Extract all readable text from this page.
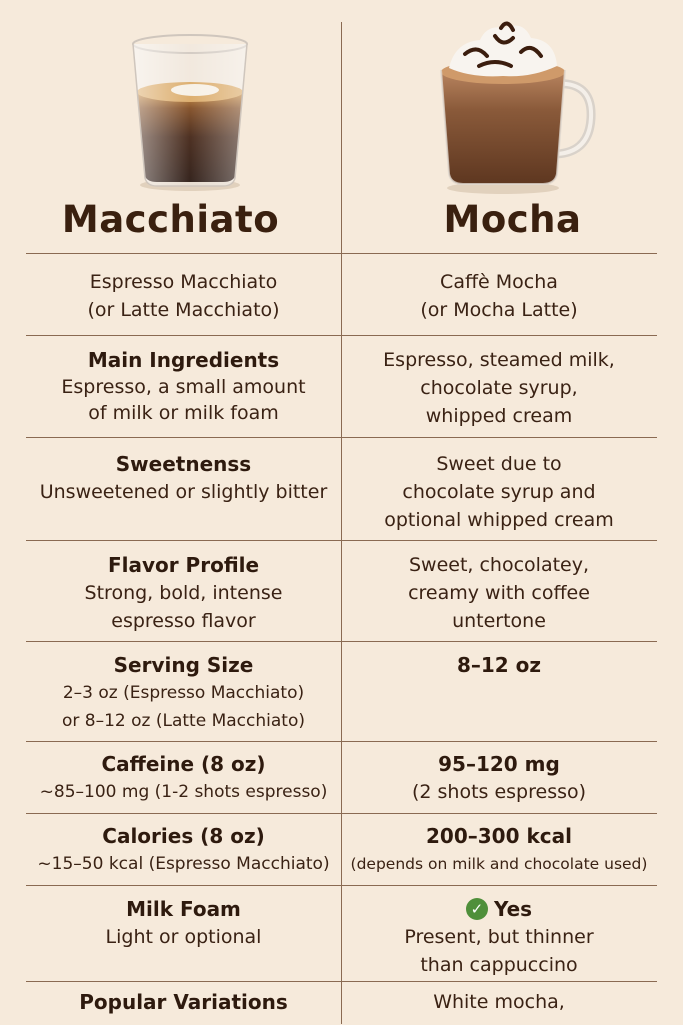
Macchiato	Mocha
Espresso Macchiato
(or Latte Macchiato)
Caffè Mocha
(or Mocha Latte)
Main Ingredients
Espresso, a small amount
of milk or milk foam
Espresso, steamed milk,
chocolate syrup,
whipped cream
Sweetnenss
Unsweetened or slightly bitter
Sweet due to
chocolate syrup and
optional whipped cream
Flavor Profile
Strong, bold, intense
espresso flavor
Sweet, chocolatey,
creamy with coffee
untertone
Serving Size
2–3 oz (Espresso Macchiato)
or 8–12 oz (Latte Macchiato)
8–12 oz
Caffeine (8 oz)
~85–100 mg (1-2 shots espresso)
95–120 mg
(2 shots espresso)
Calories (8 oz)
~15–50 kcal (Espresso Macchiato)
200–300 kcal
(depends on milk and chocolate used)
Milk Foam
Light or optional
✓ Yes
Present, but thinner
than cappuccino
Popular Variations	White mocha,
